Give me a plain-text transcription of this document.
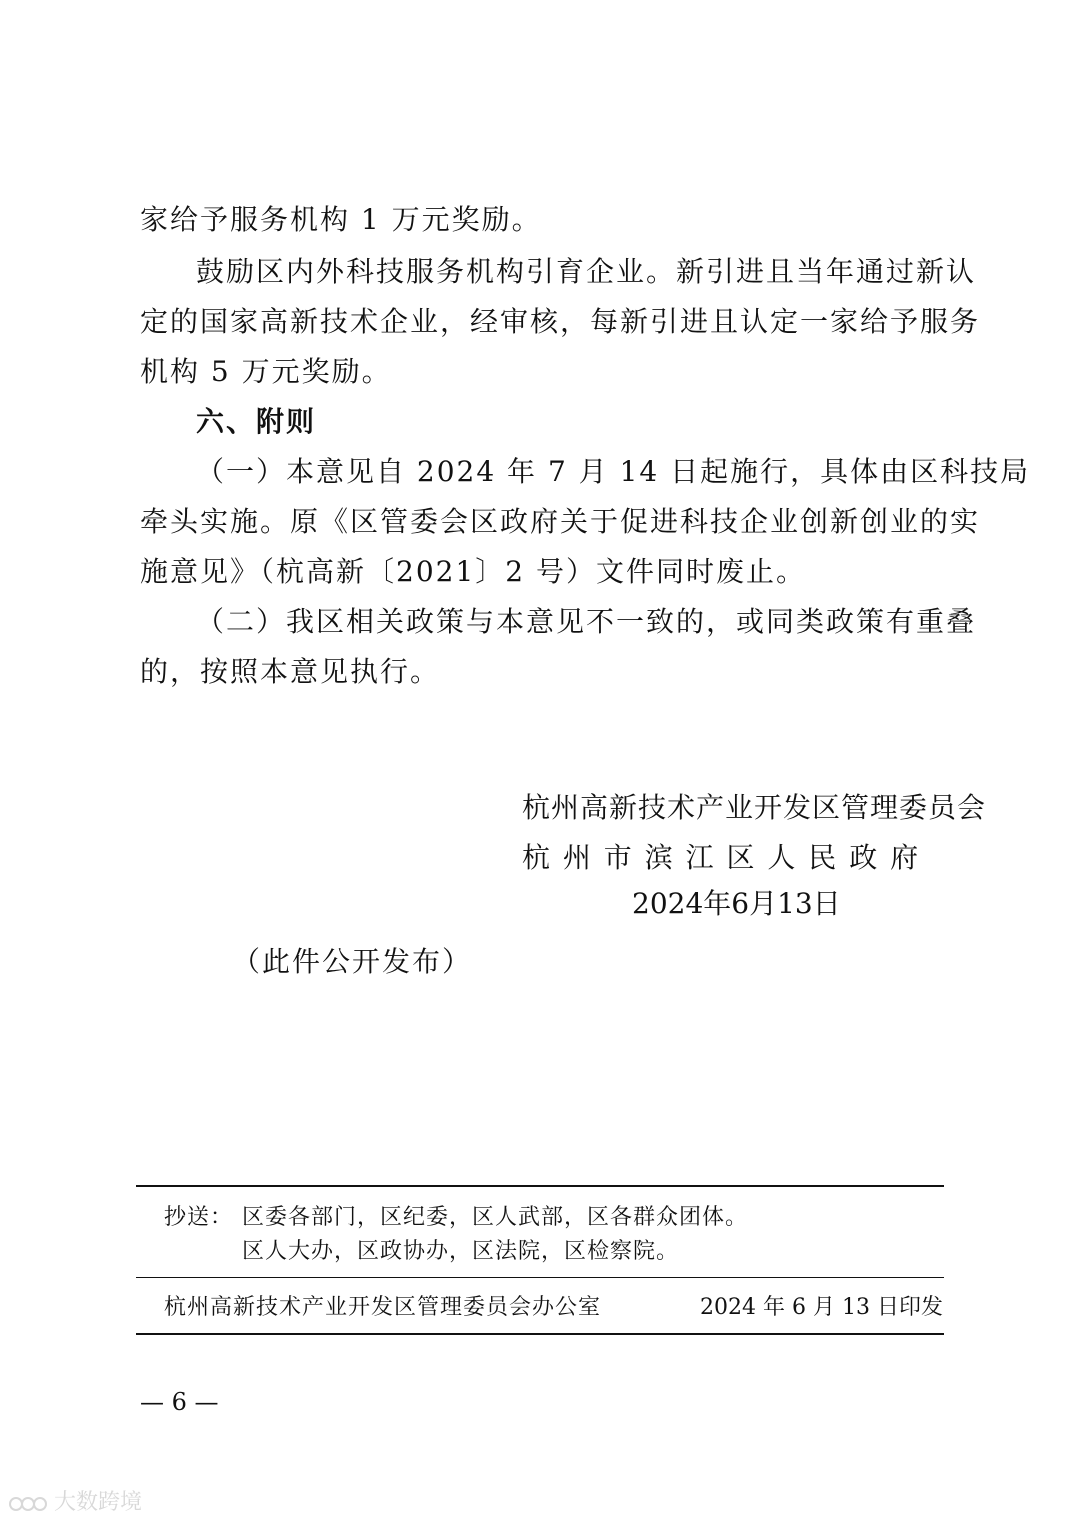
家给予服务机构 1 万元奖励。
鼓励区内外科技服务机构引育企业。新引进且当年通过新认
定的国家高新技术企业，经审核，每新引进且认定一家给予服务
机构 5 万元奖励。
六、附则
（一）本意见自 2024 年 7 月 14 日起施行，具体由区科技局
牵头实施。原《区管委会区政府关于促进科技企业创新创业的实
施意见》（杭高新〔2021〕2 号）文件同时废止。
（二）我区相关政策与本意见不一致的，或同类政策有重叠
的，按照本意见执行。
杭州高新技术产业开发区管理委员会
杭 州 市 滨 江 区 人 民 政 府
2024年6月13日
（此件公开发布）
抄送： 区委各部门，区纪委，区人武部，区各群众团体。
区人大办，区政协办，区法院，区检察院。
杭州高新技术产业开发区管理委员会办公室	2024 年 6 月 13 日印发
— 6 —
大数跨境
